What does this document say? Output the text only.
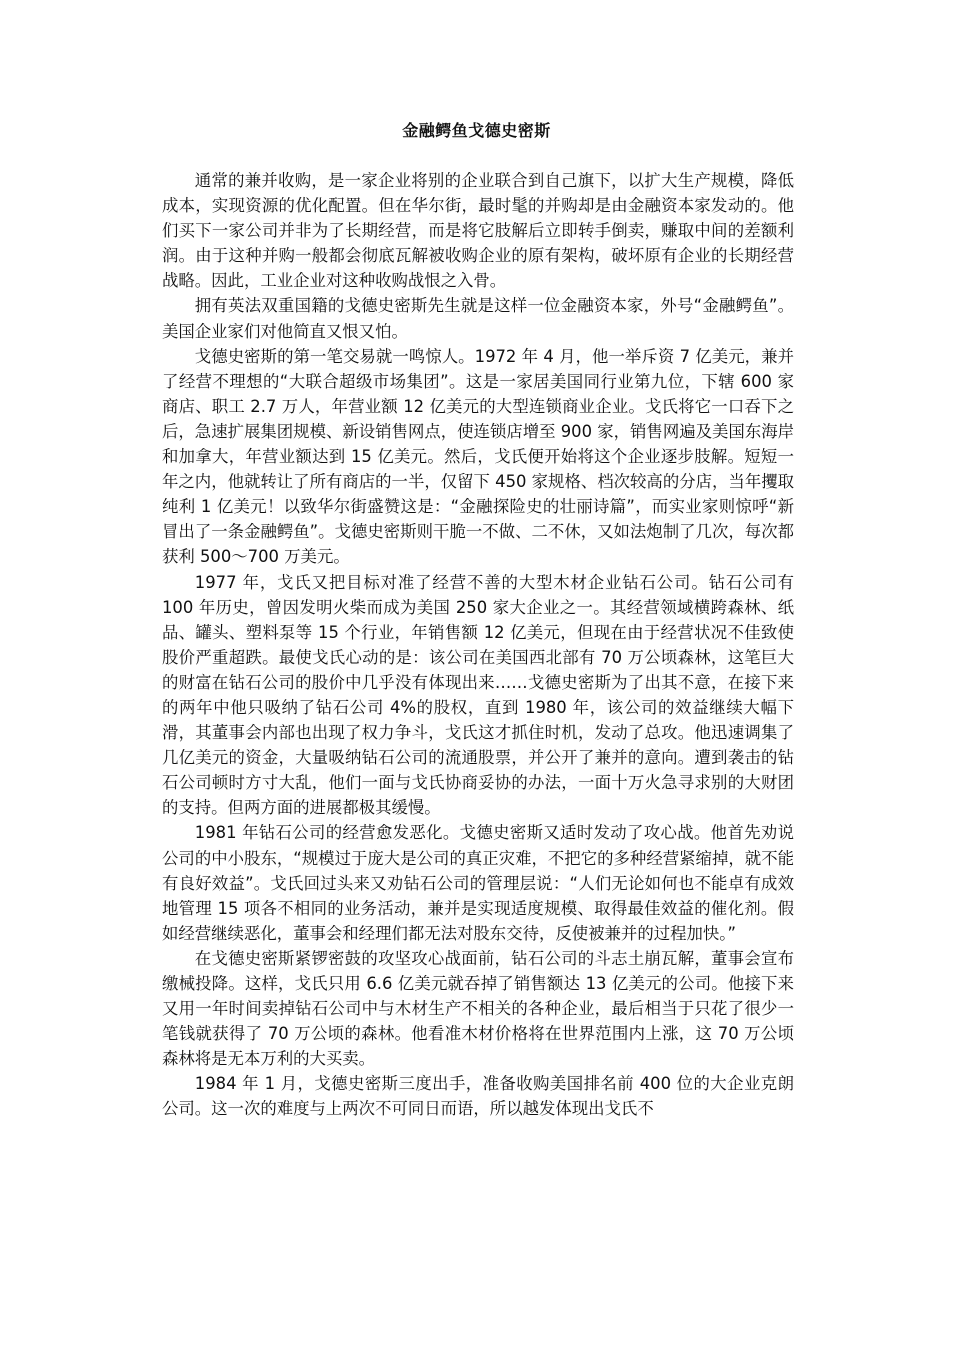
金融鳄鱼戈德史密斯

通常的兼并收购，是一家企业将别的企业联合到自己旗下，以扩大生产规模，降低成本，实现资源的优化配置。但在华尔街，最时髦的并购却是由金融资本家发动的。他们买下一家公司并非为了长期经营，而是将它肢解后立即转手倒卖，赚取中间的差额利润。由于这种并购一般都会彻底瓦解被收购企业的原有架构，破坏原有企业的长期经营战略。因此，工业企业对这种收购战恨之入骨。

拥有英法双重国籍的戈德史密斯先生就是这样一位金融资本家，外号“金融鳄鱼”。美国企业家们对他简直又恨又怕。

戈德史密斯的第一笔交易就一鸣惊人。1972 年 4 月，他一举斥资 7 亿美元，兼并了经营不理想的“大联合超级市场集团”。这是一家居美国同行业第九位，下辖 600 家商店、职工 2.7 万人，年营业额 12 亿美元的大型连锁商业企业。戈氏将它一口吞下之后，急速扩展集团规模、新设销售网点，使连锁店增至 900 家，销售网遍及美国东海岸和加拿大，年营业额达到 15 亿美元。然后，戈氏便开始将这个企业逐步肢解。短短一年之内，他就转让了所有商店的一半，仅留下 450 家规格、档次较高的分店，当年攫取纯利 1 亿美元！以致华尔街盛赞这是：“金融探险史的壮丽诗篇”，而实业家则惊呼“新冒出了一条金融鳄鱼”。戈德史密斯则干脆一不做、二不休，又如法炮制了几次，每次都获利 500～700 万美元。

1977 年，戈氏又把目标对准了经营不善的大型木材企业钻石公司。钻石公司有 100 年历史，曾因发明火柴而成为美国 250 家大企业之一。其经营领域横跨森林、纸品、罐头、塑料泵等 15 个行业，年销售额 12 亿美元，但现在由于经营状况不佳致使股价严重超跌。最使戈氏心动的是：该公司在美国西北部有 70 万公顷森林，这笔巨大的财富在钻石公司的股价中几乎没有体现出来……戈德史密斯为了出其不意，在接下来的两年中他只吸纳了钻石公司 4%的股权，直到 1980 年，该公司的效益继续大幅下滑，其董事会内部也出现了权力争斗，戈氏这才抓住时机，发动了总攻。他迅速调集了几亿美元的资金，大量吸纳钻石公司的流通股票，并公开了兼并的意向。遭到袭击的钻石公司顿时方寸大乱，他们一面与戈氏协商妥协的办法，一面十万火急寻求别的大财团的支持。但两方面的进展都极其缓慢。

1981 年钻石公司的经营愈发恶化。戈德史密斯又适时发动了攻心战。他首先劝说公司的中小股东，“规模过于庞大是公司的真正灾难，不把它的多种经营紧缩掉，就不能有良好效益”。戈氏回过头来又劝钻石公司的管理层说：“人们无论如何也不能卓有成效地管理 15 项各不相同的业务活动，兼并是实现适度规模、取得最佳效益的催化剂。假如经营继续恶化，董事会和经理们都无法对股东交待，反使被兼并的过程加快。”

在戈德史密斯紧锣密鼓的攻坚攻心战面前，钻石公司的斗志土崩瓦解，董事会宣布缴械投降。这样，戈氏只用 6.6 亿美元就吞掉了销售额达 13 亿美元的公司。他接下来又用一年时间卖掉钻石公司中与木材生产不相关的各种企业，最后相当于只花了很少一笔钱就获得了 70 万公顷的森林。他看准木材价格将在世界范围内上涨，这 70 万公顷森林将是无本万利的大买卖。

1984 年 1 月，戈德史密斯三度出手，准备收购美国排名前 400 位的大企业克朗公司。这一次的难度与上两次不可同日而语，所以越发体现出戈氏不
